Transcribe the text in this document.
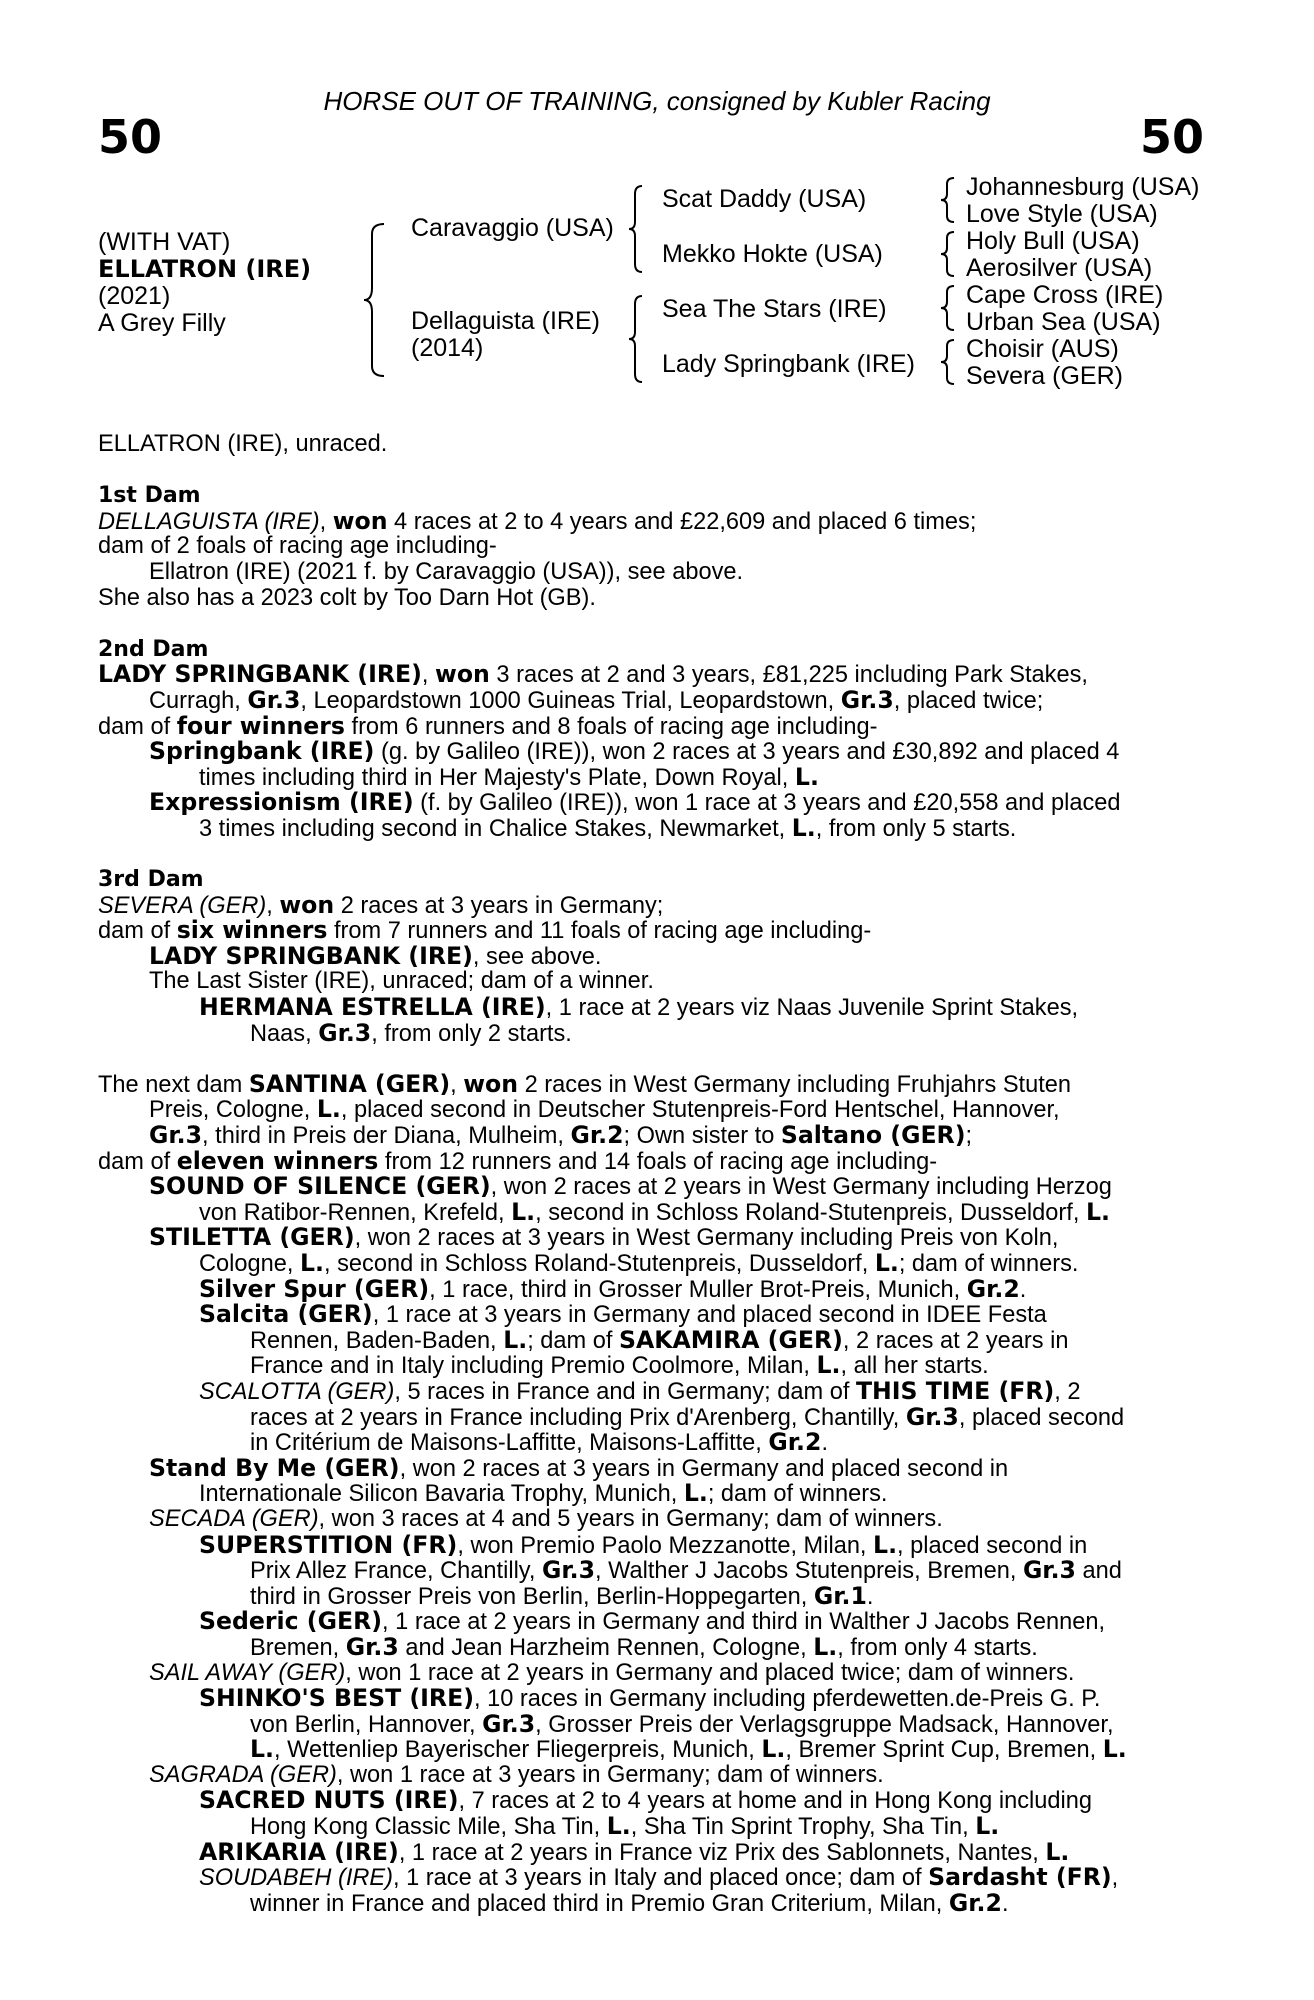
HORSE OUT OF TRAINING, consigned by Kubler Racing
50	50
(WITH VAT)
ELLATRON (IRE)
(2021)
A Grey Filly
Caravaggio (USA)
Dellaguista (IRE)
(2014)
Scat Daddy (USA)
Mekko Hokte (USA)
Sea The Stars (IRE)
Lady Springbank (IRE)
Johannesburg (USA)
Love Style (USA)
Holy Bull (USA)
Aerosilver (USA)
Cape Cross (IRE)
Urban Sea (USA)
Choisir (AUS)
Severa (GER)
ELLATRON (IRE), unraced.
1st Dam
DELLAGUISTA (IRE), won 4 races at 2 to 4 years and £22,609 and placed 6 times;
dam of 2 foals of racing age including-
Ellatron (IRE) (2021 f. by Caravaggio (USA)), see above.
She also has a 2023 colt by Too Darn Hot (GB).
2nd Dam
LADY SPRINGBANK (IRE), won 3 races at 2 and 3 years, £81,225 including Park Stakes,
Curragh, Gr.3, Leopardstown 1000 Guineas Trial, Leopardstown, Gr.3, placed twice;
dam of four winners from 6 runners and 8 foals of racing age including-
Springbank (IRE) (g. by Galileo (IRE)), won 2 races at 3 years and £30,892 and placed 4
times including third in Her Majesty's Plate, Down Royal, L.
Expressionism (IRE) (f. by Galileo (IRE)), won 1 race at 3 years and £20,558 and placed
3 times including second in Chalice Stakes, Newmarket, L., from only 5 starts.
3rd Dam
SEVERA (GER), won 2 races at 3 years in Germany;
dam of six winners from 7 runners and 11 foals of racing age including-
LADY SPRINGBANK (IRE), see above.
The Last Sister (IRE), unraced; dam of a winner.
HERMANA ESTRELLA (IRE), 1 race at 2 years viz Naas Juvenile Sprint Stakes,
Naas, Gr.3, from only 2 starts.
The next dam SANTINA (GER), won 2 races in West Germany including Fruhjahrs Stuten
Preis, Cologne, L., placed second in Deutscher Stutenpreis-Ford Hentschel, Hannover,
Gr.3, third in Preis der Diana, Mulheim, Gr.2; Own sister to Saltano (GER);
dam of eleven winners from 12 runners and 14 foals of racing age including-
SOUND OF SILENCE (GER), won 2 races at 2 years in West Germany including Herzog
von Ratibor-Rennen, Krefeld, L., second in Schloss Roland-Stutenpreis, Dusseldorf, L.
STILETTA (GER), won 2 races at 3 years in West Germany including Preis von Koln,
Cologne, L., second in Schloss Roland-Stutenpreis, Dusseldorf, L.; dam of winners.
Silver Spur (GER), 1 race, third in Grosser Muller Brot-Preis, Munich, Gr.2.
Salcita (GER), 1 race at 3 years in Germany and placed second in IDEE Festa
Rennen, Baden-Baden, L.; dam of SAKAMIRA (GER), 2 races at 2 years in
France and in Italy including Premio Coolmore, Milan, L., all her starts.
SCALOTTA (GER), 5 races in France and in Germany; dam of THIS TIME (FR), 2
races at 2 years in France including Prix d'Arenberg, Chantilly, Gr.3, placed second
in Critérium de Maisons-Laffitte, Maisons-Laffitte, Gr.2.
Stand By Me (GER), won 2 races at 3 years in Germany and placed second in
Internationale Silicon Bavaria Trophy, Munich, L.; dam of winners.
SECADA (GER), won 3 races at 4 and 5 years in Germany; dam of winners.
SUPERSTITION (FR), won Premio Paolo Mezzanotte, Milan, L., placed second in
Prix Allez France, Chantilly, Gr.3, Walther J Jacobs Stutenpreis, Bremen, Gr.3 and
third in Grosser Preis von Berlin, Berlin-Hoppegarten, Gr.1.
Sederic (GER), 1 race at 2 years in Germany and third in Walther J Jacobs Rennen,
Bremen, Gr.3 and Jean Harzheim Rennen, Cologne, L., from only 4 starts.
SAIL AWAY (GER), won 1 race at 2 years in Germany and placed twice; dam of winners.
SHINKO'S BEST (IRE), 10 races in Germany including pferdewetten.de-Preis G. P.
von Berlin, Hannover, Gr.3, Grosser Preis der Verlagsgruppe Madsack, Hannover,
L., Wettenliep Bayerischer Fliegerpreis, Munich, L., Bremer Sprint Cup, Bremen, L.
SAGRADA (GER), won 1 race at 3 years in Germany; dam of winners.
SACRED NUTS (IRE), 7 races at 2 to 4 years at home and in Hong Kong including
Hong Kong Classic Mile, Sha Tin, L., Sha Tin Sprint Trophy, Sha Tin, L.
ARIKARIA (IRE), 1 race at 2 years in France viz Prix des Sablonnets, Nantes, L.
SOUDABEH (IRE), 1 race at 3 years in Italy and placed once; dam of Sardasht (FR),
winner in France and placed third in Premio Gran Criterium, Milan, Gr.2.
